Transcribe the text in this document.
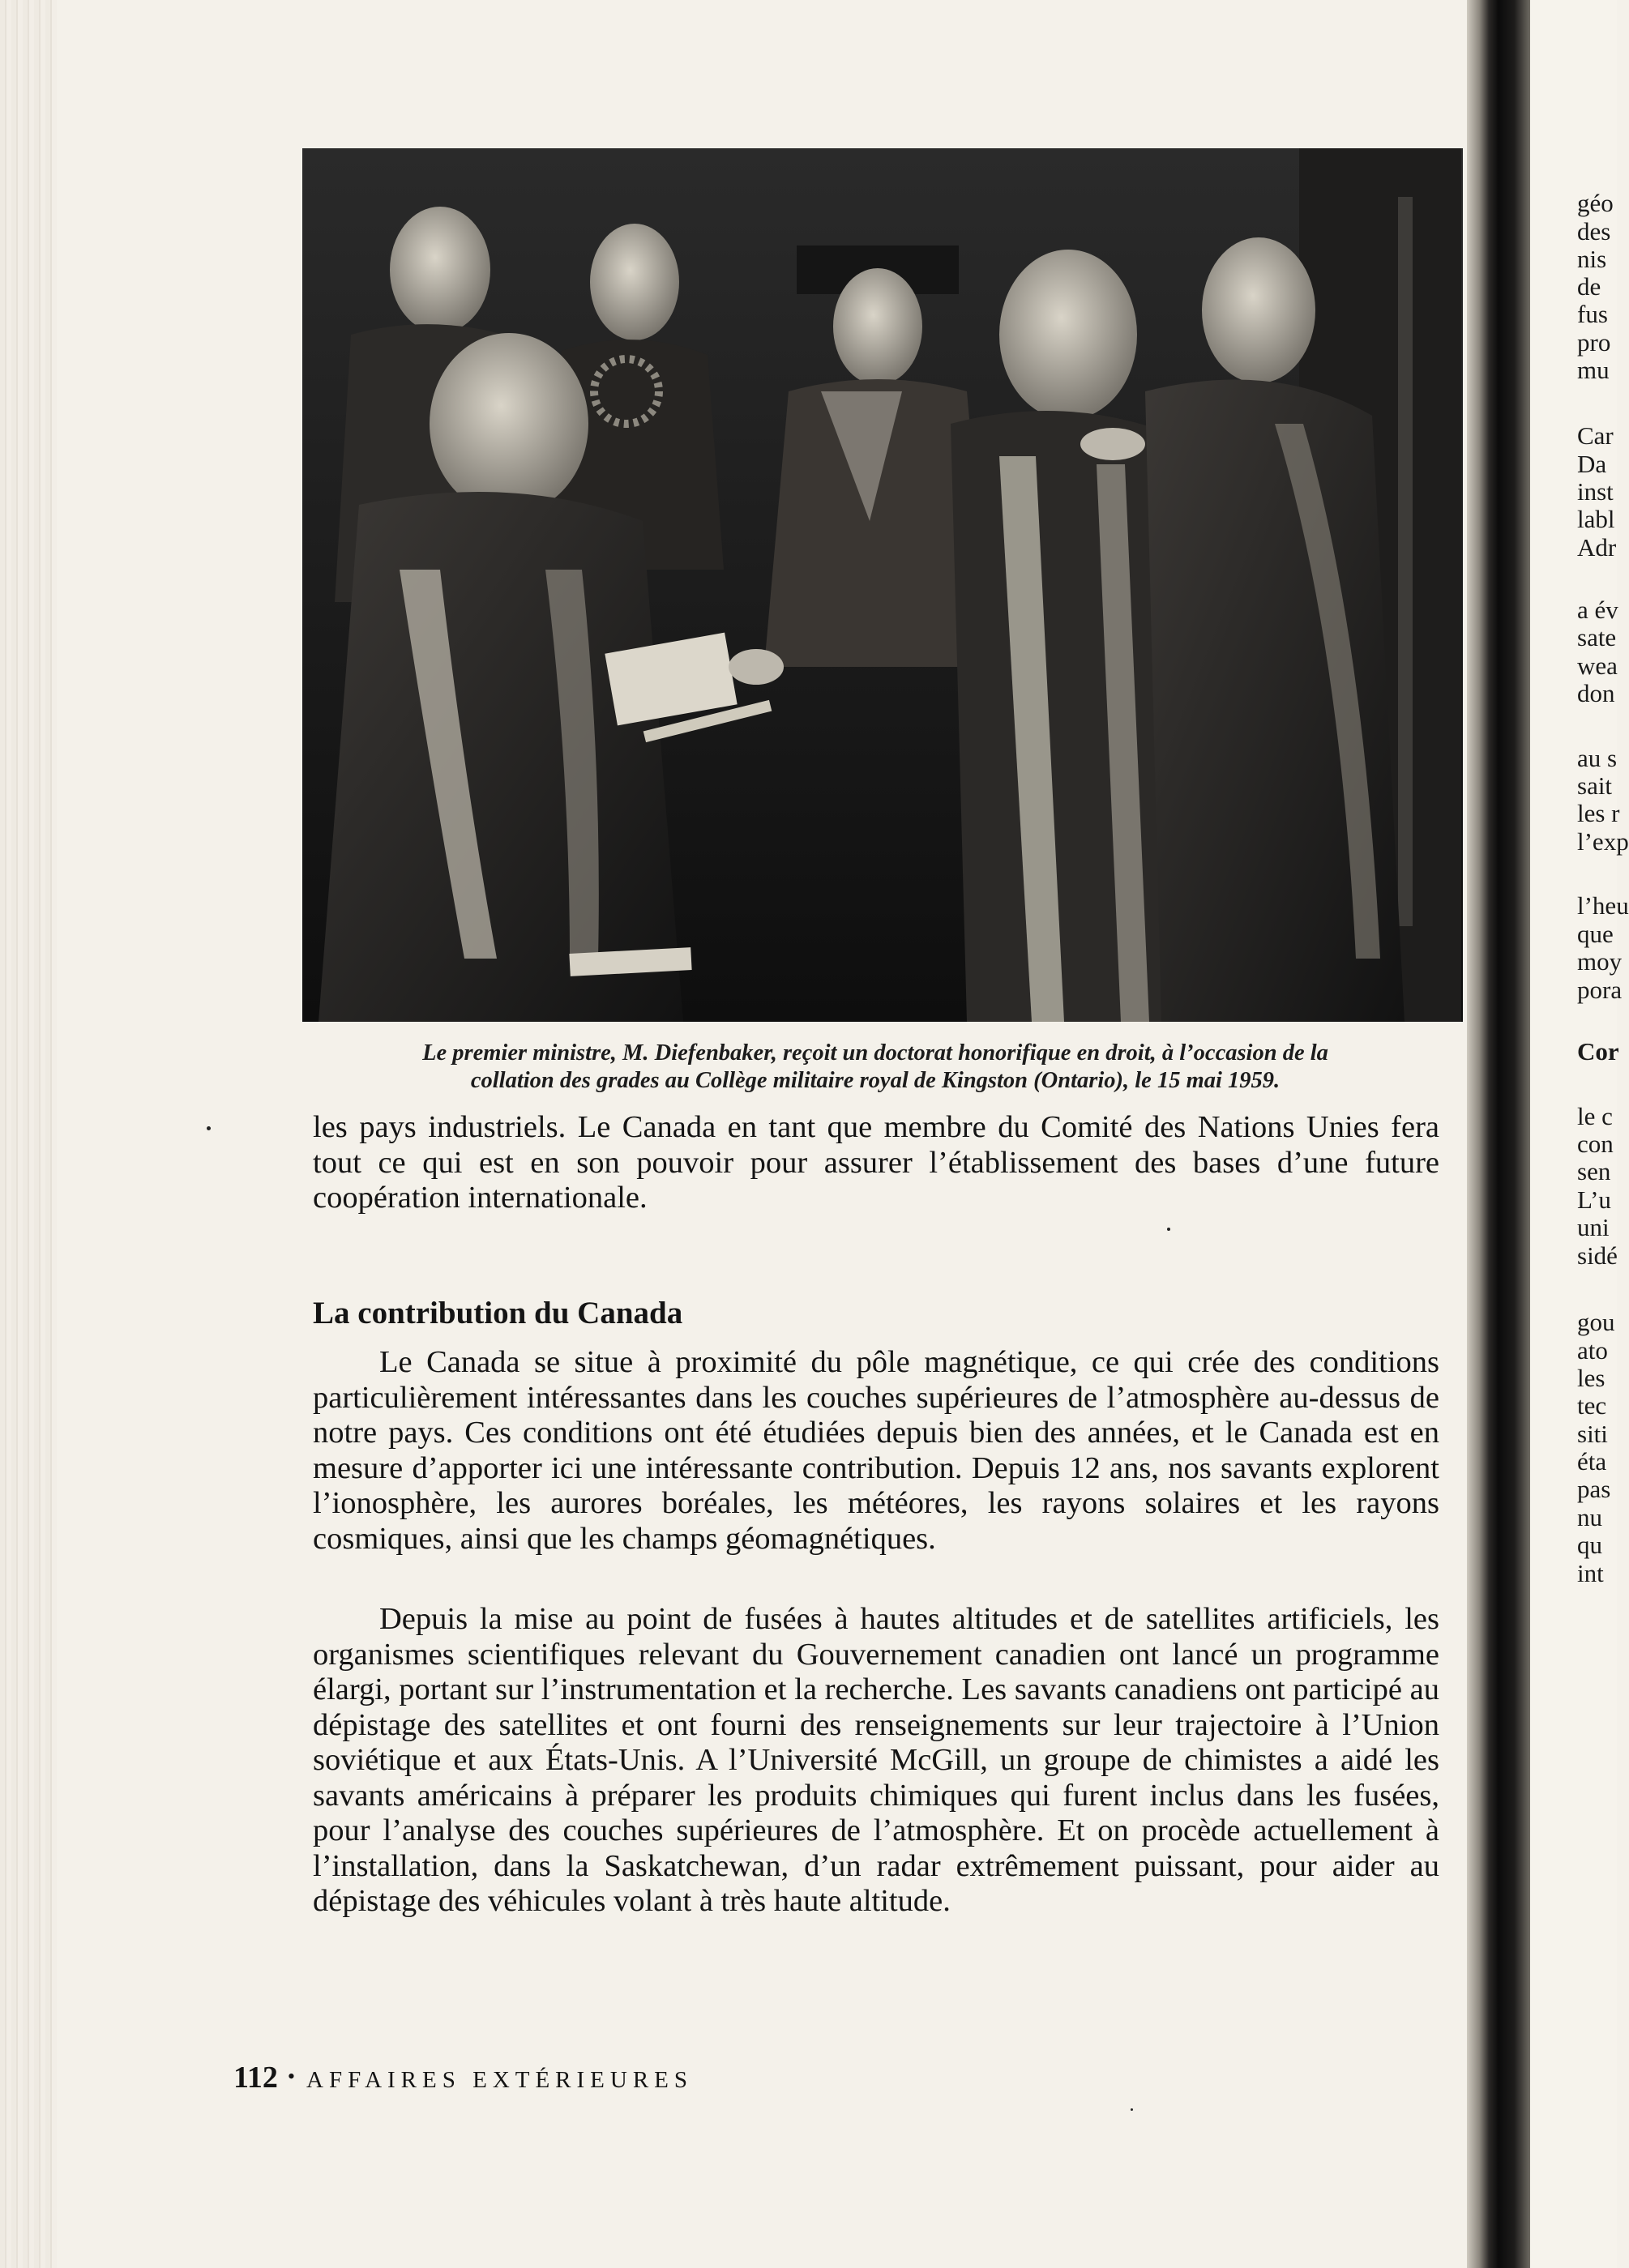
Le premier ministre, M. Diefenbaker, reçoit un doctorat honorifique en droit, à l’occasion de la
collation des grades au Collège militaire royal de Kingston (Ontario), le 15 mai 1959.

les pays industriels. Le Canada en tant que membre du Comité des Nations Unies fera tout ce qui est en son pouvoir pour assurer l’établissement des bases d’une future coopération internationale.

La contribution du Canada

Le Canada se situe à proximité du pôle magnétique, ce qui crée des conditions particulièrement intéressantes dans les couches supérieures de l’atmosphère au-dessus de notre pays. Ces conditions ont été étudiées depuis bien des années, et le Canada est en mesure d’apporter ici une intéressante contribution. Depuis 12 ans, nos savants explorent l’ionosphère, les aurores boréales, les météores, les rayons solaires et les rayons cosmiques, ainsi que les champs géomagnétiques.

Depuis la mise au point de fusées à hautes altitudes et de satellites artificiels, les organismes scientifiques relevant du Gouvernement canadien ont lancé un programme élargi, portant sur l’instrumentation et la recherche. Les savants canadiens ont participé au dépistage des satellites et ont fourni des renseignements sur leur trajectoire à l’Union soviétique et aux États-Unis. A l’Université McGill, un groupe de chimistes a aidé les savants américains à préparer les produits chimiques qui furent inclus dans les fusées, pour l’analyse des couches supérieures de l’atmosphère. Et on procède actuellement à l’installation, dans la Saskatchewan, d’un radar extrêmement puissant, pour aider au dépistage des véhicules volant à très haute altitude.

112 • AFFAIRES EXTÉRIEURES
géo
des
nis
de
fus
pro
mu
Car
Da
inst
labl
Adr
a év
sate
wea
don
au s
sait
les r
l’exp
l’heu
que
moy
pora
Cor
le c
con
sen
L’u
uni
sidé
gou
ato
les
tec
siti
éta
pas
nu
qu
int
